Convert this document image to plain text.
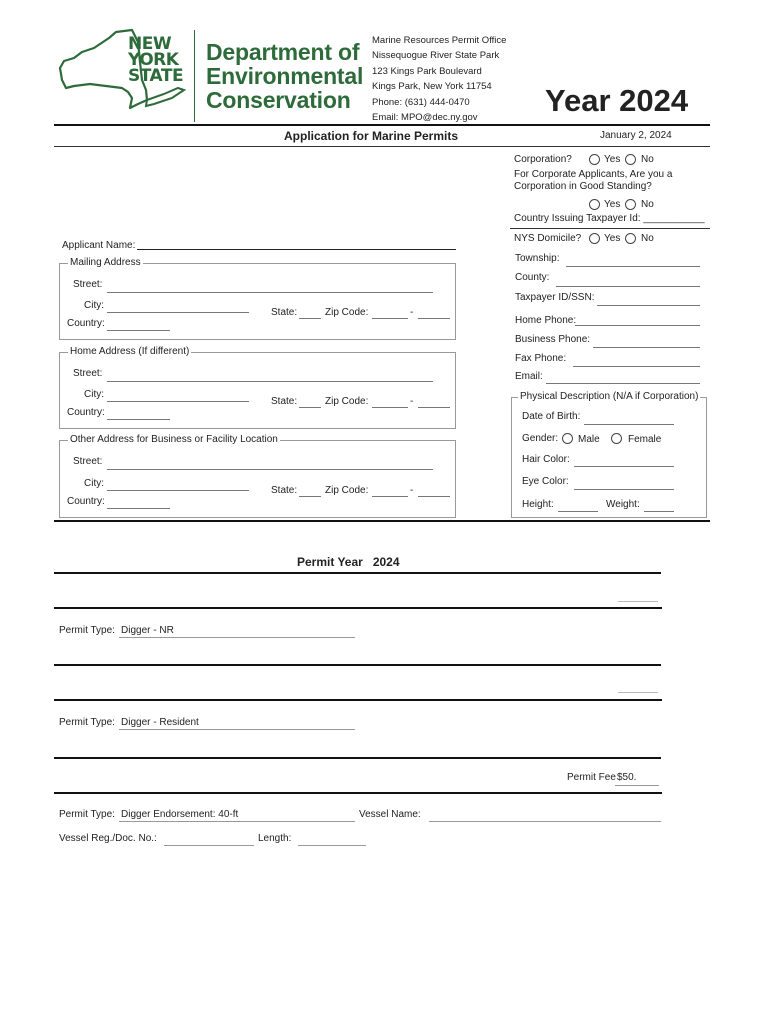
NEW
YORK
STATE
Department of
Environmental
Conservation
Marine Resources Permit Office
Nissequogue River State Park
123 Kings Park Boulevard
Kings Park, New York 11754
Phone: (631) 444-0470
Email: MPO@dec.ny.gov	Year 2024
Application for Marine Permits	January 2, 2024
Corporation?	Yes No
For Corporate Applicants, Are you a
Corporation in Good Standing?
Yes No
Country Issuing Taxpayer Id: ___________
NYS Domicile? Yes No
Applicant Name:
Mailing Address
Street:
City:
State:	Zip Code:	-
Country:
Home Address (If different)
Street:
City:
State:	Zip Code:	-
Country:
Other Address for Business or Facility Location
Street:
City:
State:	Zip Code:	-
Country:
Township:
County:
Taxpayer ID/SSN:
Home Phone:
Business Phone:
Fax Phone:
Email:
Physical Description (N/A if Corporation)
Date of Birth:
Gender: Male	Female
Hair Color:
Eye Color:
Height:	Weight:
Permit Year   2024
Permit Type: Digger - NR
Permit Type: Digger - Resident
Permit Fee $50.
Permit Type: Digger Endorsement: 40-ft	Vessel Name:
Vessel Reg./Doc. No.:	Length:
